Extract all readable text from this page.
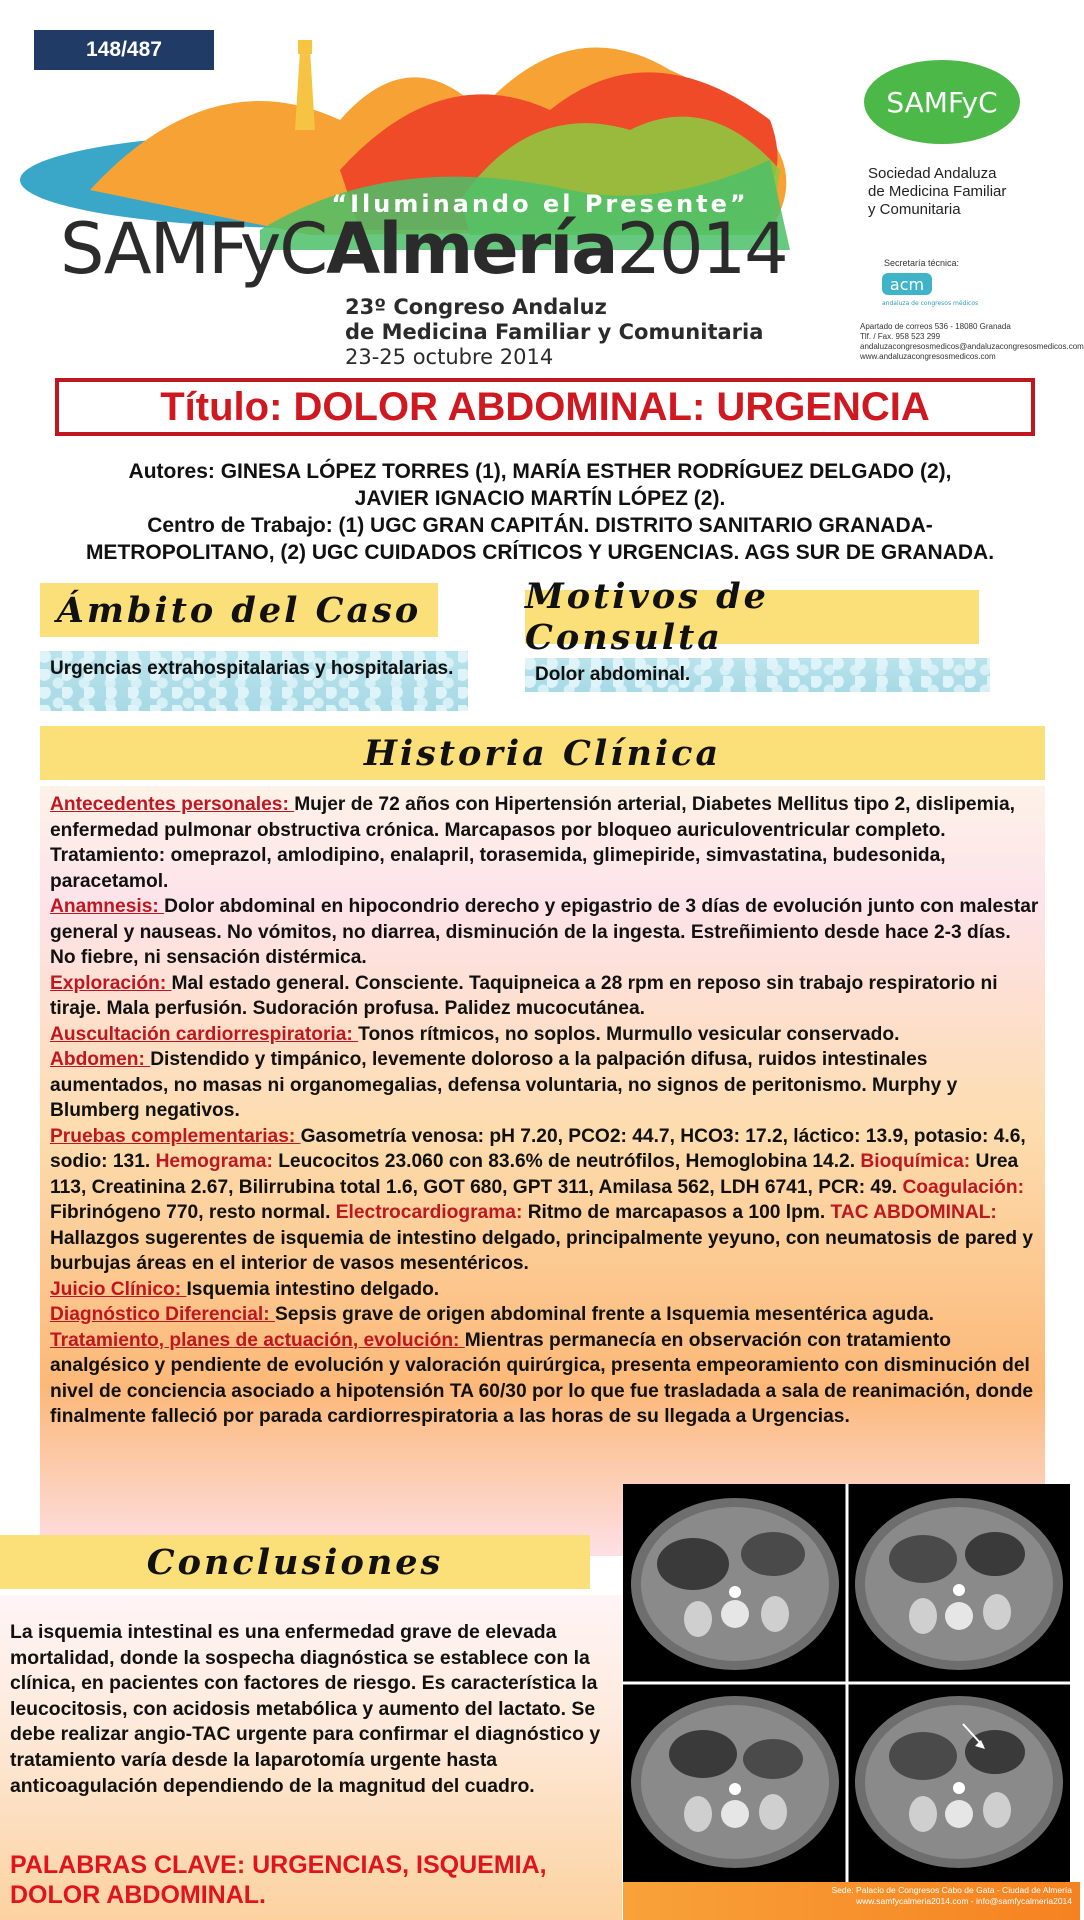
148/487
“Iluminando el Presente”
SAMFyCAlmería2014
23º Congreso Andaluz
de Medicina Familiar y Comunitaria
23-25 octubre 2014
SAMFyC
Sociedad Andaluza
de Medicina Familiar
y Comunitaria
Secretaría técnica:
acm
andaluza de congresos médicos
Apartado de correos 536 - 18080 Granada
Tlf. / Fax. 958 523 299
andaluzacongresosmedicos@andaluzacongresosmedicos.com
www.andaluzacongresosmedicos.com
Título: DOLOR ABDOMINAL: URGENCIA
Autores: GINESA LÓPEZ TORRES (1), MARÍA ESTHER RODRÍGUEZ DELGADO (2),
JAVIER IGNACIO MARTÍN LÓPEZ (2).
Centro de Trabajo: (1) UGC GRAN CAPITÁN. DISTRITO SANITARIO GRANADA-
METROPOLITANO, (2) UGC CUIDADOS CRÍTICOS Y URGENCIAS. AGS SUR DE GRANADA.
Ámbito del Caso
Urgencias extrahospitalarias y hospitalarias.
Motivos de Consulta
Dolor abdominal.
Historia Clínica

Antecedentes personales: Mujer de 72 años con Hipertensión arterial, Diabetes Mellitus tipo 2, dislipemia, enfermedad pulmonar obstructiva crónica. Marcapasos por bloqueo auriculoventricular completo. Tratamiento: omeprazol, amlodipino, enalapril, torasemida, glimepiride, simvastatina, budesonida, paracetamol.

Anamnesis: Dolor abdominal en hipocondrio derecho y epigastrio de 3 días de evolución junto con malestar general y nauseas. No vómitos, no diarrea, disminución de la ingesta. Estreñimiento desde hace 2-3 días. No fiebre, ni sensación distérmica.

Exploración: Mal estado general. Consciente. Taquipneica a 28 rpm en reposo sin trabajo respiratorio ni tiraje. Mala perfusión. Sudoración profusa. Palidez mucocutánea.

Auscultación cardiorrespiratoria: Tonos rítmicos, no soplos. Murmullo vesicular conservado.

Abdomen: Distendido y timpánico, levemente doloroso a la palpación difusa, ruidos intestinales aumentados, no masas ni organomegalias, defensa voluntaria, no signos de peritonismo. Murphy y Blumberg negativos.

Pruebas complementarias: Gasometría venosa: pH 7.20, PCO2: 44.7, HCO3: 17.2, láctico: 13.9, potasio: 4.6, sodio: 131. Hemograma: Leucocitos 23.060 con 83.6% de neutrófilos, Hemoglobina 14.2. Bioquímica: Urea 113, Creatinina 2.67, Bilirrubina total 1.6, GOT 680, GPT 311, Amilasa 562, LDH 6741, PCR: 49. Coagulación: Fibrinógeno 770, resto normal. Electrocardiograma: Ritmo de marcapasos a 100 lpm. TAC ABDOMINAL: Hallazgos sugerentes de isquemia de intestino delgado, principalmente yeyuno, con neumatosis de pared y burbujas áreas en el interior de vasos mesentéricos.

Juicio Clínico: Isquemia intestino delgado.

Diagnóstico Diferencial: Sepsis grave de origen abdominal frente a Isquemia mesentérica aguda.

Tratamiento, planes de actuación, evolución: Mientras permanecía en observación con tratamiento analgésico y pendiente de evolución y valoración quirúrgica, presenta empeoramiento con disminución del nivel de conciencia asociado a hipotensión TA 60/30 por lo que fue trasladada a sala de reanimación, donde finalmente falleció por parada cardiorrespiratoria a las horas de su llegada a Urgencias.

Conclusiones
La isquemia intestinal es una enfermedad grave de elevada mortalidad, donde la sospecha diagnóstica se establece con la clínica, en pacientes con factores de riesgo. Es característica la leucocitosis, con acidosis metabólica y aumento del lactato. Se debe realizar angio-TAC urgente para confirmar el diagnóstico y tratamiento varía desde la laparotomía urgente hasta anticoagulación dependiendo de la magnitud del cuadro.
PALABRAS CLAVE: URGENCIAS, ISQUEMIA, DOLOR ABDOMINAL.	Sede: Palacio de Congresos Cabo de Gata - Ciudad de Almería
www.samfycalmeria2014.com - info@samfycalmeria2014
